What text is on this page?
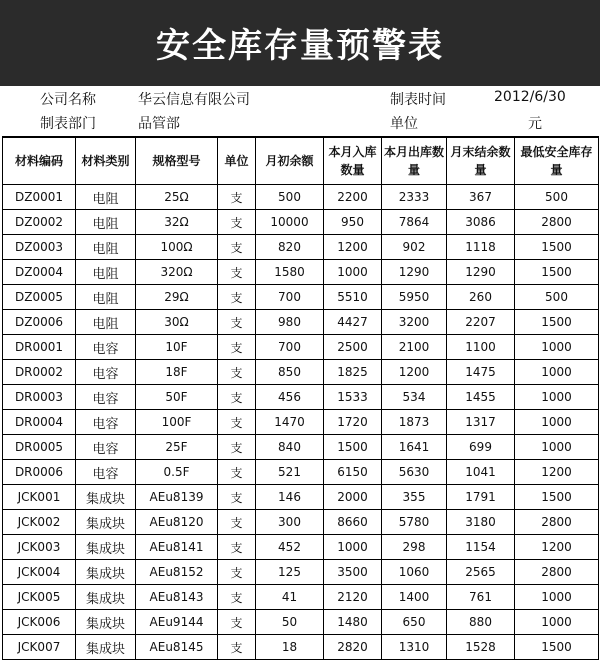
安全库存量预警表
公司名称	华云信息有限公司	制表时间	2012/6/30
制表部门	品管部	单位	元
材料编码	材料类别	规格型号	单位	月初余额	本月入库数量	本月出库数量	月末结余数量	最低安全库存量
DZ0001	电阻	25Ω	支	500	2200	2333	367	500
DZ0002	电阻	32Ω	支	10000	950	7864	3086	2800
DZ0003	电阻	100Ω	支	820	1200	902	1118	1500
DZ0004	电阻	320Ω	支	1580	1000	1290	1290	1500
DZ0005	电阻	29Ω	支	700	5510	5950	260	500
DZ0006	电阻	30Ω	支	980	4427	3200	2207	1500
DR0001	电容	10F	支	700	2500	2100	1100	1000
DR0002	电容	18F	支	850	1825	1200	1475	1000
DR0003	电容	50F	支	456	1533	534	1455	1000
DR0004	电容	100F	支	1470	1720	1873	1317	1000
DR0005	电容	25F	支	840	1500	1641	699	1000
DR0006	电容	0.5F	支	521	6150	5630	1041	1200
JCK001	集成块	AEu8139	支	146	2000	355	1791	1500
JCK002	集成块	AEu8120	支	300	8660	5780	3180	2800
JCK003	集成块	AEu8141	支	452	1000	298	1154	1200
JCK004	集成块	AEu8152	支	125	3500	1060	2565	2800
JCK005	集成块	AEu8143	支	41	2120	1400	761	1000
JCK006	集成块	AEu9144	支	50	1480	650	880	1000
JCK007	集成块	AEu8145	支	18	2820	1310	1528	1500
